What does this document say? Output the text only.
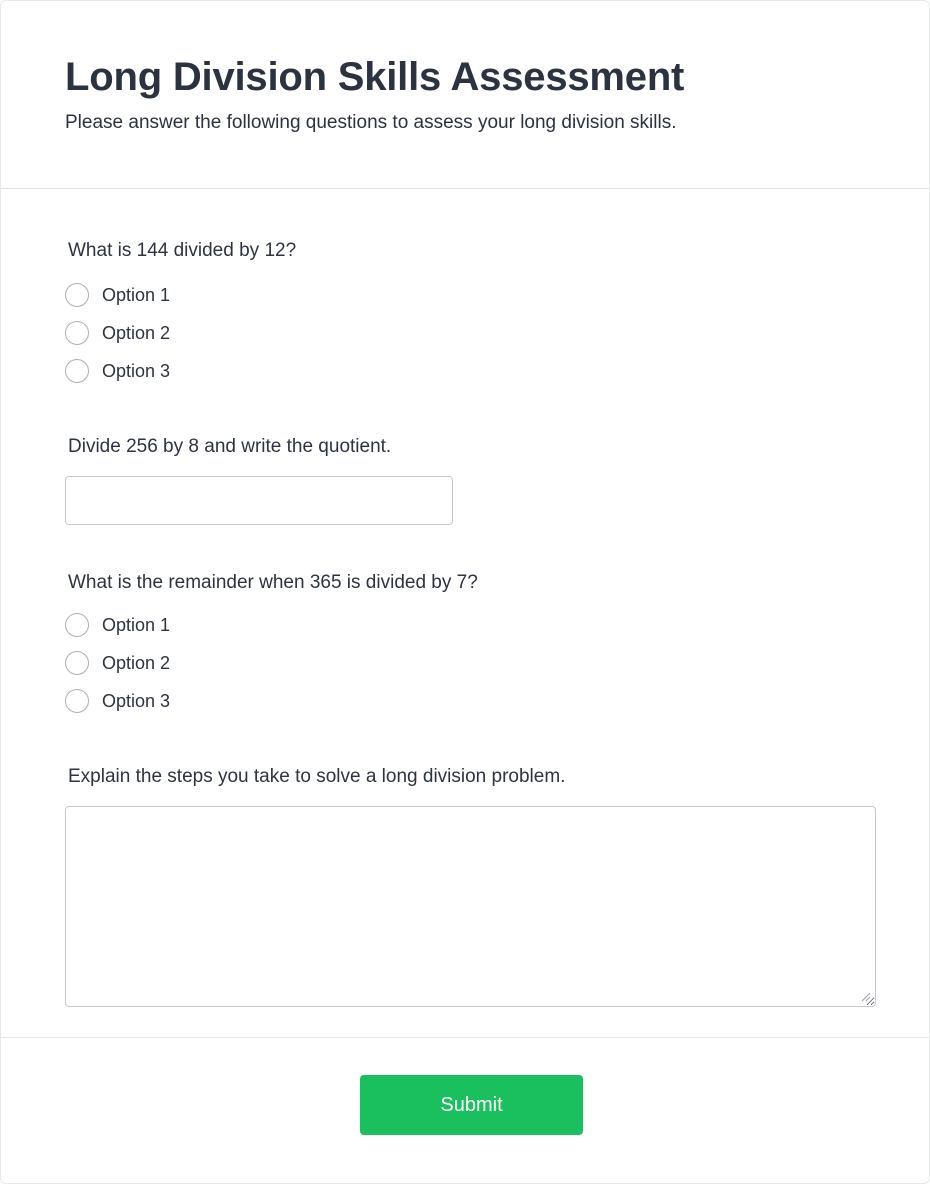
Long Division Skills Assessment

Please answer the following questions to assess your long division skills.

What is 144 divided by 12?
Option 1
Option 2
Option 3
Divide 256 by 8 and write the quotient.
What is the remainder when 365 is divided by 7?
Option 1
Option 2
Option 3
Explain the steps you take to solve a long division problem.
Submit
